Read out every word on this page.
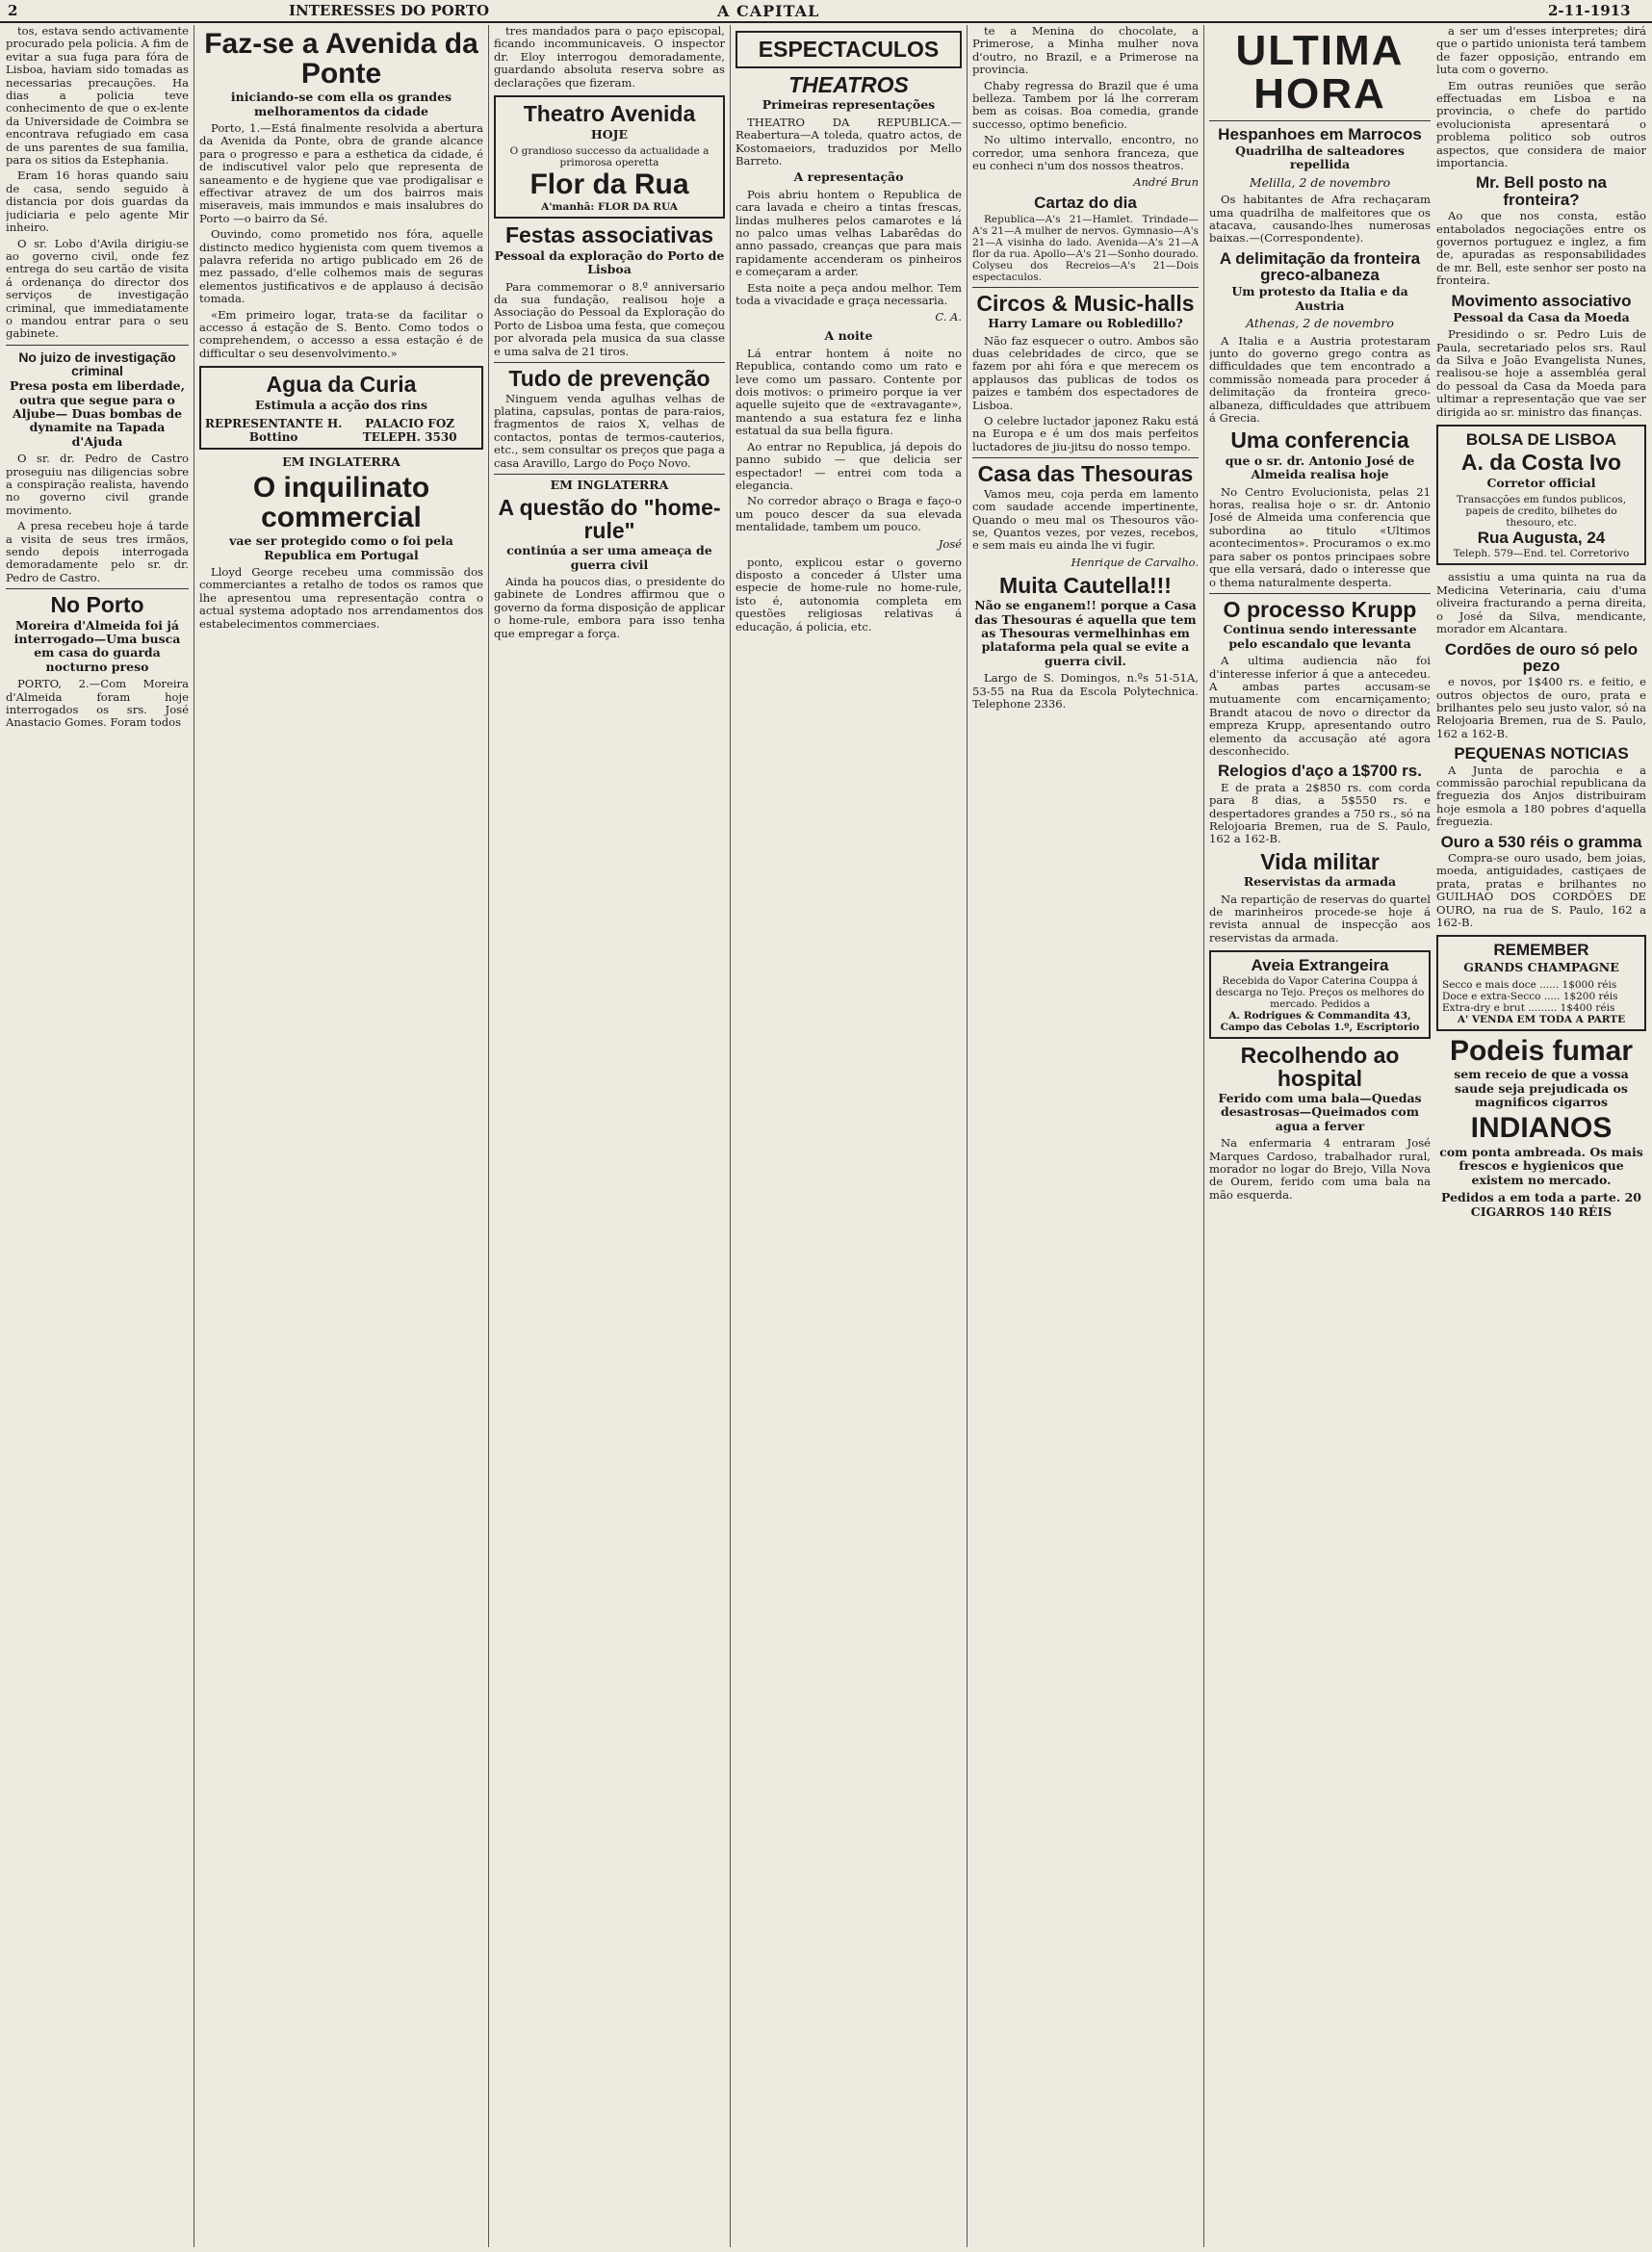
2	INTERESSES DO PORTO	A CAPITAL	2-11-1913

tos, estava sendo activamente procurado pela policia. A fim de evitar a sua fuga para fóra de Lisboa, haviam sido tomadas as necessarias precauções. Ha dias a policia teve conhecimento de que o ex-lente da Universidade de Coimbra se encontrava refugiado em casa de uns parentes de sua familia, para os sitios da Estephania.

Eram 16 horas quando saiu de casa, sendo seguido à distancia por dois guardas da judiciaria e pelo agente Mir inheiro.

O sr. Lobo d'Avila dirigiu-se ao governo civil, onde fez entrega do seu cartão de visita á ordenança do director dos serviços de investigação criminal, que immediatamente o mandou entrar para o seu gabinete.

No juizo de investigação criminal
Presa posta em liberdade, outra que segue para o Aljube— Duas bombas de dynamite na Tapada d'Ajuda

O sr. dr. Pedro de Castro proseguiu nas diligencias sobre a conspiração realista, havendo no governo civil grande movimento.

A presa recebeu hoje á tarde a visita de seus tres irmãos, sendo depois interrogada demoradamente pelo sr. dr. Pedro de Castro.

No Porto
Moreira d'Almeida foi já interrogado—Uma busca em casa do guarda nocturno preso

PORTO, 2.—Com Moreira d'Almeida foram hoje interrogados os srs. José Anastacio Gomes. Foram todos

Faz-se a Avenida da Ponte
iniciando-se com ella os grandes melhoramentos da cidade

Porto, 1.—Está finalmente resolvida a abertura da Avenida da Ponte, obra de grande alcance para o progresso e para a esthetica da cidade, é de indiscutivel valor pelo que representa de saneamento e de hygiene que vae prodigalisar e effectivar atravez de um dos bairros mais miseraveis, mais immundos e mais insalubres do Porto —o bairro da Sé.

Ouvindo, como prometido nos fóra, aquelle distincto medico hygienista com quem tivemos a palavra referida no artigo publicado em 26 de mez passado, d'elle colhemos mais de seguras elementos justificativos e de applauso á decisão tomada.

«Em primeiro logar, trata-se da facilitar o accesso á estação de S. Bento. Como todos o comprehendem, o accesso a essa estação é de difficultar o seu desenvolvimento.»

Agua da Curia
Estimula a acção dos rins
REPRESENTANTE H. Bottino
PALACIO FOZ TELEPH. 3530
EM INGLATERRA
O inquilinato commercial
vae ser protegido como o foi pela Republica em Portugal

Lloyd George recebeu uma commissão dos commerciantes a retalho de todos os ramos que lhe apresentou uma representação contra o actual systema adoptado nos arrendamentos dos estabelecimentos commerciaes.

tres mandados para o paço episcopal, ficando incommunicaveis. O inspector dr. Eloy interrogou demoradamente, guardando absoluta reserva sobre as declarações que fizeram.

Theatro Avenida
HOJE
O grandioso successo da actualidade a primorosa operetta
Flor da Rua
A'manhã: FLOR DA RUA
Festas associativas
Pessoal da exploração do Porto de Lisboa

Para commemorar o 8.º anniversario da sua fundação, realisou hoje a Associação do Pessoal da Exploração do Porto de Lisboa uma festa, que começou por alvorada pela musica da sua classe e uma salva de 21 tiros.

Tudo de prevenção

Ninguem venda agulhas velhas de platina, capsulas, pontas de para-raios, fragmentos de raios X, velhas de contactos, pontas de termos-cauterios, etc., sem consultar os preços que paga a casa Aravillo, Largo do Poço Novo.

EM INGLATERRA
A questão do "home-rule"
continúa a ser uma ameaça de guerra civil

Ainda ha poucos dias, o presidente do gabinete de Londres affirmou que o governo da forma disposição de applicar o home-rule, embora para isso tenha que empregar a força.

ESPECTACULOS
THEATROS
Primeiras representações

THEATRO DA REPUBLICA.—Reabertura—A toleda, quatro actos, de Kostomaeiors, traduzidos por Mello Barreto.

A representação

Pois abriu hontem o Republica de cara lavada e cheiro a tintas frescas, lindas mulheres pelos camarotes e lá no palco umas velhas Labarêdas do anno passado, creanças que para mais rapidamente accenderam os pinheiros e começaram a arder.

Esta noite a peça andou melhor. Tem toda a vivacidade e graça necessaria.

C. A.
A noite

Lá entrar hontem á noite no Republica, contando como um rato e leve como um passaro. Contente por dois motivos: o primeiro porque ia ver aquelle sujeito que de «extravagante», mantendo a sua estatura fez e linha estatual da sua bella figura.

Ao entrar no Republica, já depois do panno subido — que delicia ser espectador! — entrei com toda a elegancia.

No corredor abraço o Braga e faço-o um pouco descer da sua elevada mentalidade, tambem um pouco.

José

ponto, explicou estar o governo disposto a conceder á Ulster uma especie de home-rule no home-rule, isto é, autonomia completa em questões religiosas relativas á educação, á policia, etc.

te a Menina do chocolate, a Primerose, a Minha mulher nova d'outro, no Brazil, e a Primerose na provincia.

Chaby regressa do Brazil que é uma belleza. Tambem por lá lhe correram bem as coisas. Boa comedia, grande successo, optimo beneficio.

No ultimo intervallo, encontro, no corredor, uma senhora franceza, que eu conheci n'um dos nossos theatros.

André Brun
Cartaz do dia

Republica—A's 21—Hamlet. Trindade—A's 21—A mulher de nervos. Gymnasio—A's 21—A visinha do lado. Avenida—A's 21—A flor da rua. Apollo—A's 21—Sonho dourado. Colyseu dos Recreios—A's 21—Dois espectaculos.

Circos & Music-halls
Harry Lamare ou Robledillo?

Não faz esquecer o outro. Ambos são duas celebridades de circo, que se fazem por ahi fóra e que merecem os applausos das publicas de todos os paizes e também dos espectadores de Lisboa.

O celebre luctador japonez Raku está na Europa e é um dos mais perfeitos luctadores de jiu-jitsu do nosso tempo.

Casa das Thesouras

Vamos meu, coja perda em lamento com saudade accende impertinente, Quando o meu mal os Thesouros vão-se, Quantos vezes, por vezes, recebos, e sem mais eu ainda lhe vi fugir.

Henrique de Carvalho.
Muita Cautella!!!
Não se enganem!! porque a Casa das Thesouras é aquella que tem as Thesouras vermelhinhas em plataforma pela qual se evite a guerra civil.

Largo de S. Domingos, n.ºs 51-51A, 53-55 na Rua da Escola Polytechnica. Telephone 2336.

ULTIMA HORA
Hespanhoes em Marrocos
Quadrilha de salteadores repellida
Melilla, 2 de novembro

Os habitantes de Afra rechaçaram uma quadrilha de malfeitores que os atacava, causando-lhes numerosas baixas.—(Correspondente).

A delimitação da fronteira greco-albaneza
Um protesto da Italia e da Austria
Athenas, 2 de novembro

A Italia e a Austria protestaram junto do governo grego contra as difficuldades que tem encontrado a commissão nomeada para proceder á delimitação da fronteira greco-albaneza, difficuldades que attribuem á Grecia.

Uma conferencia
que o sr. dr. Antonio José de Almeida realisa hoje

No Centro Evolucionista, pelas 21 horas, realisa hoje o sr. dr. Antonio José de Almeida uma conferencia que subordina ao titulo «Ultimos acontecimentos». Procuramos o ex.mo para saber os pontos principaes sobre que ella versará, dado o interesse que o thema naturalmente desperta.

O processo Krupp
Continua sendo interessante pelo escandalo que levanta

A ultima audiencia não foi d'interesse inferior á que a antecedeu. A ambas partes accusam-se mutuamente com encarniçamento; Brandt atacou de novo o director da empreza Krupp, apresentando outro elemento da accusação até agora desconhecido.

Relogios d'aço a 1$700 rs.

E de prata a 2$850 rs. com corda para 8 dias, a 5$550 rs. e despertadores grandes a 750 rs., só na Relojoaria Bremen, rua de S. Paulo, 162 a 162-B.

Vida militar
Reservistas da armada

Na repartição de reservas do quartel de marinheiros procede-se hoje á revista annual de inspecção aos reservistas da armada.

Aveia Extrangeira
Recebida do Vapor Caterina Couppa á descarga no Tejo. Preços os melhores do mercado. Pedidos a
A. Rodrigues & Commandita 43, Campo das Cebolas 1.º, Escriptorio
Recolhendo ao hospital
Ferido com uma bala—Quedas desastrosas—Queimados com agua a ferver

Na enfermaria 4 entraram José Marques Cardoso, trabalhador rural, morador no logar do Brejo, Villa Nova de Ourem, ferido com uma bala na mão esquerda.

a ser um d'esses interpretes; dirá que o partido unionista terá tambem de fazer opposição, entrando em luta com o governo.

Em outras reuniões que serão effectuadas em Lisboa e na provincia, o chefe do partido evolucionista apresentará o problema politico sob outros aspectos, que considera de maior importancia.

Mr. Bell posto na fronteira?

Ao que nos consta, estão entabolados negociações entre os governos portuguez e inglez, a fim de, apuradas as responsabilidades de mr. Bell, este senhor ser posto na fronteira.

Movimento associativo
Pessoal da Casa da Moeda

Presidindo o sr. Pedro Luis de Paula, secretariado pelos srs. Raul da Silva e João Evangelista Nunes, realisou-se hoje a assembléa geral do pessoal da Casa da Moeda para ultimar a representação que vae ser dirigida ao sr. ministro das finanças.

BOLSA DE LISBOA
A. da Costa Ivo
Corretor official
Transacções em fundos publicos, papeis de credito, bilhetes do thesouro, etc.
Rua Augusta, 24
Teleph. 579—End. tel. Corretorivo

assistiu a uma quinta na rua da Medicina Veterinaria, caiu d'uma oliveira fracturando a perna direita, o José da Silva, mendicante, morador em Alcantara.

Cordões de ouro só pelo pezo

e novos, por 1$400 rs. e feitio, e outros objectos de ouro, prata e brilhantes pelo seu justo valor, só na Relojoaria Bremen, rua de S. Paulo, 162 a 162-B.

PEQUENAS NOTICIAS

A Junta de parochia e a commissão parochial republicana da freguezia dos Anjos distribuiram hoje esmola a 180 pobres d'aquella freguezia.

Ouro a 530 réis o gramma

Compra-se ouro usado, bem joias, moeda, antiguidades, castiçaes de prata, pratas e brilhantes no GUILHAO DOS CORDÕES DE OURO, na rua de S. Paulo, 162 a 162-B.

REMEMBER
GRANDS CHAMPAGNE
Secco e mais doce ...... 1$000 réis
Doce e extra-Secco ..... 1$200 réis
Extra-dry e brut ......... 1$400 réis
A' VENDA EM TODA A PARTE
Podeis fumar
sem receio de que a vossa saude seja prejudicada os magnificos cigarros
INDIANOS
com ponta ambreada. Os mais frescos e hygienicos que existem no mercado.
Pedidos a em toda a parte. 20 CIGARROS 140 RÉIS
